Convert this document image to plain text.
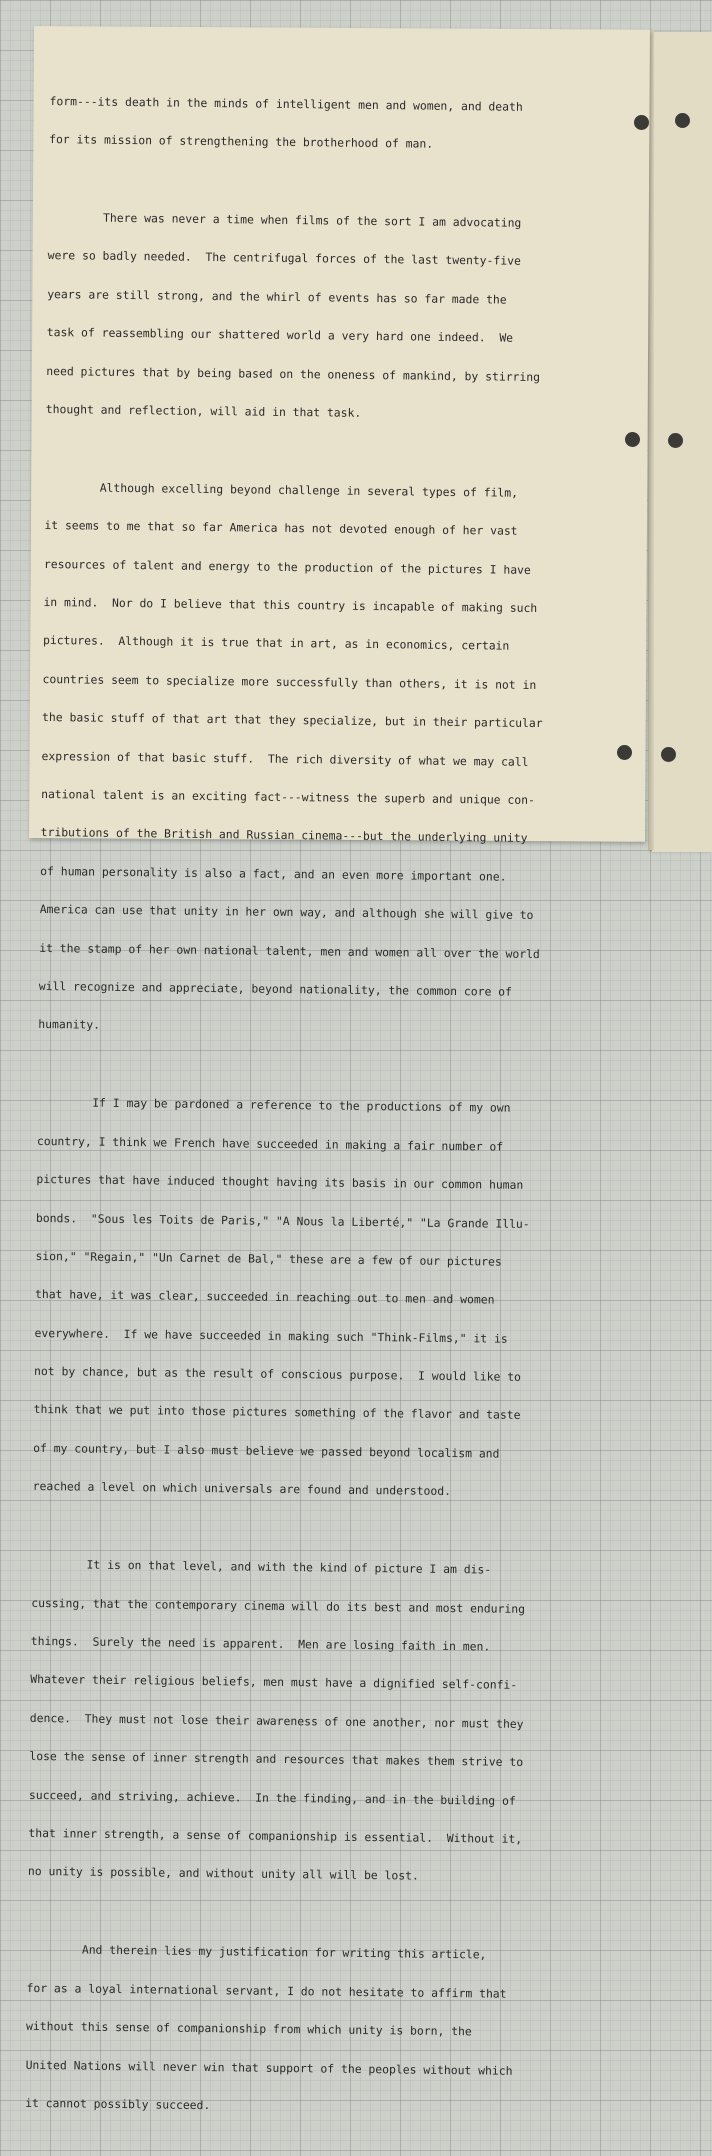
form---its death in the minds of intelligent men and women, and death

for its mission of strengthening the brotherhood of man.

There was never a time when films of the sort I am advocating

were so badly needed.  The centrifugal forces of the last twenty-five

years are still strong, and the whirl of events has so far made the

task of reassembling our shattered world a very hard one indeed.  We

need pictures that by being based on the oneness of mankind, by stirring

thought and reflection, will aid in that task.

Although excelling beyond challenge in several types of film,

it seems to me that so far America has not devoted enough of her vast

resources of talent and energy to the production of the pictures I have

in mind.  Nor do I believe that this country is incapable of making such

pictures.  Although it is true that in art, as in economics, certain

countries seem to specialize more successfully than others, it is not in

the basic stuff of that art that they specialize, but in their particular

expression of that basic stuff.  The rich diversity of what we may call

national talent is an exciting fact---witness the superb and unique con-

tributions of the British and Russian cinema---but the underlying unity

of human personality is also a fact, and an even more important one.

America can use that unity in her own way, and although she will give to

it the stamp of her own national talent, men and women all over the world

will recognize and appreciate, beyond nationality, the common core of

humanity.

If I may be pardoned a reference to the productions of my own

country, I think we French have succeeded in making a fair number of

pictures that have induced thought having its basis in our common human

bonds.  "Sous les Toits de Paris," "A Nous la Liberté," "La Grande Illu-

sion," "Regain," "Un Carnet de Bal," these are a few of our pictures

that have, it was clear, succeeded in reaching out to men and women

everywhere.  If we have succeeded in making such "Think-Films," it is

not by chance, but as the result of conscious purpose.  I would like to

think that we put into those pictures something of the flavor and taste

of my country, but I also must believe we passed beyond localism and

reached a level on which universals are found and understood.

It is on that level, and with the kind of picture I am dis-

cussing, that the contemporary cinema will do its best and most enduring

things.  Surely the need is apparent.  Men are losing faith in men.

Whatever their religious beliefs, men must have a dignified self-confi-

dence.  They must not lose their awareness of one another, nor must they

lose the sense of inner strength and resources that makes them strive to

succeed, and striving, achieve.  In the finding, and in the building of

that inner strength, a sense of companionship is essential.  Without it,

no unity is possible, and without unity all will be lost.

And therein lies my justification for writing this article,

for as a loyal international servant, I do not hesitate to affirm that

without this sense of companionship from which unity is born, the

United Nations will never win that support of the peoples without which

it cannot possibly succeed.
